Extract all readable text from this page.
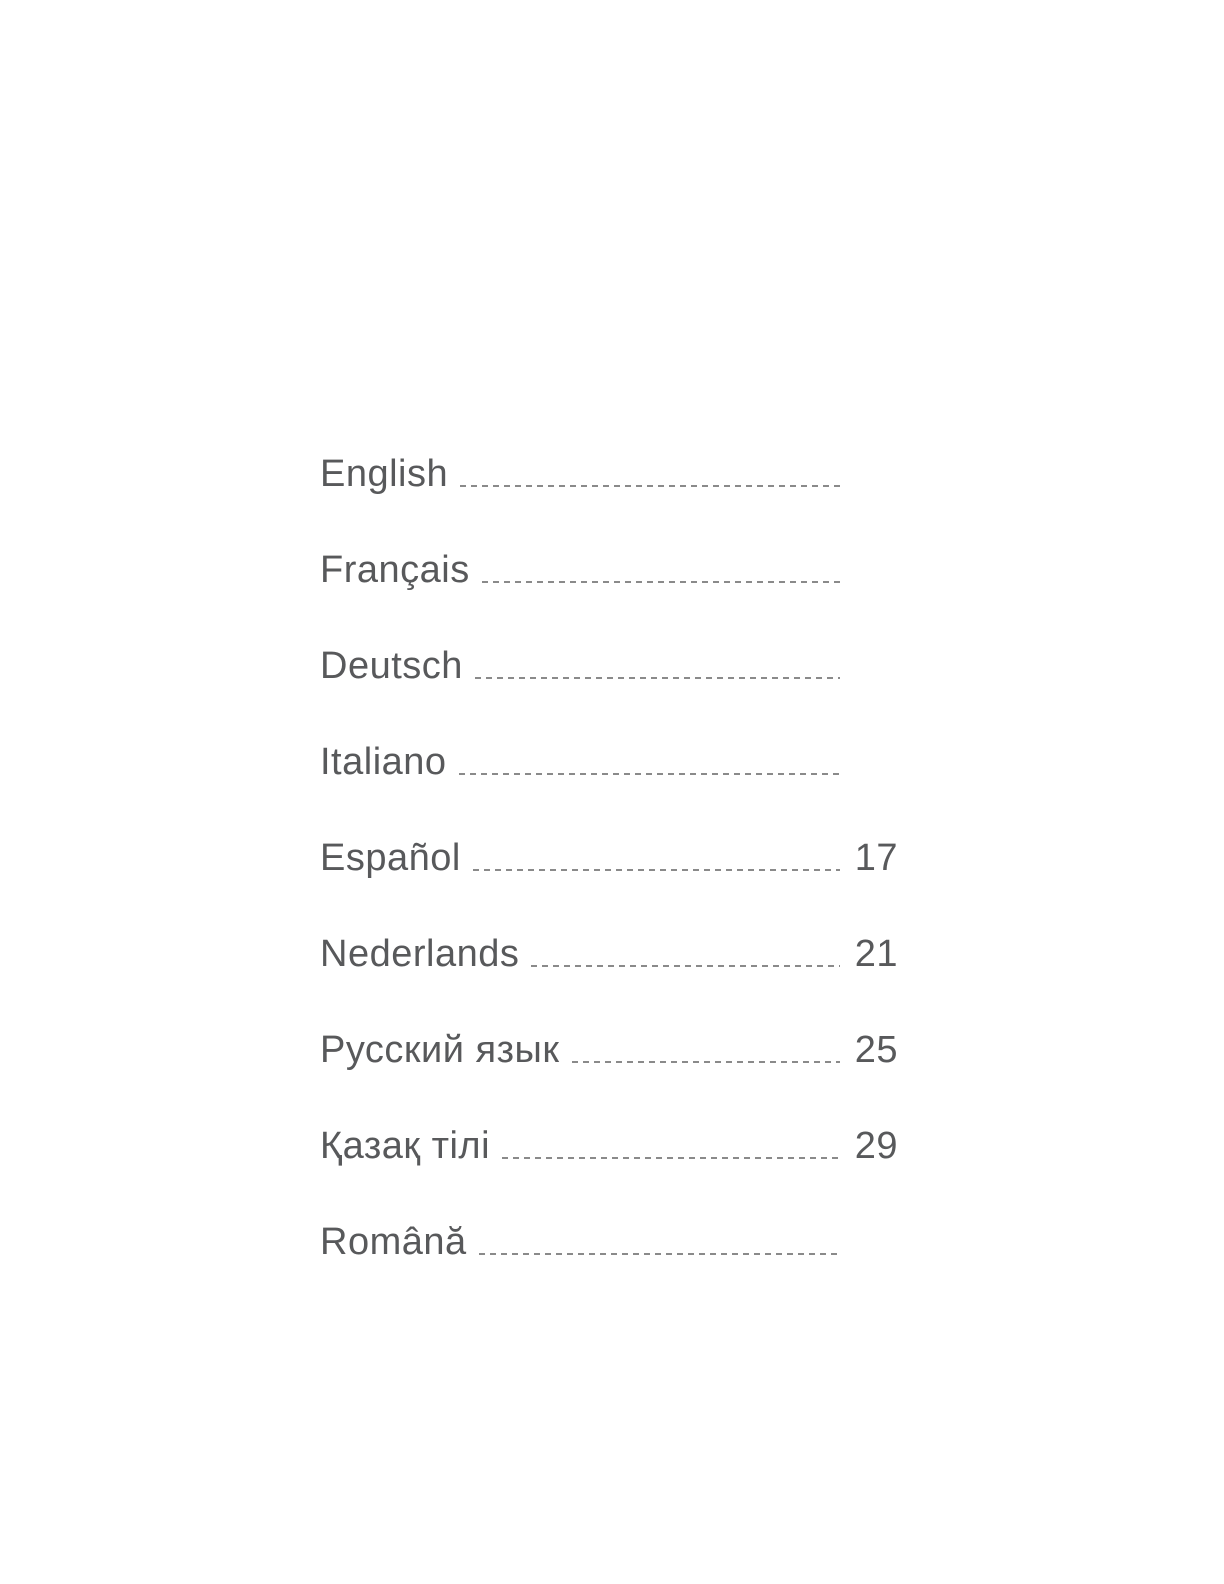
English
Français
Deutsch
Italiano
Español	17
Nederlands	21
Русский язык	25
Қазақ тілі	29
Română
